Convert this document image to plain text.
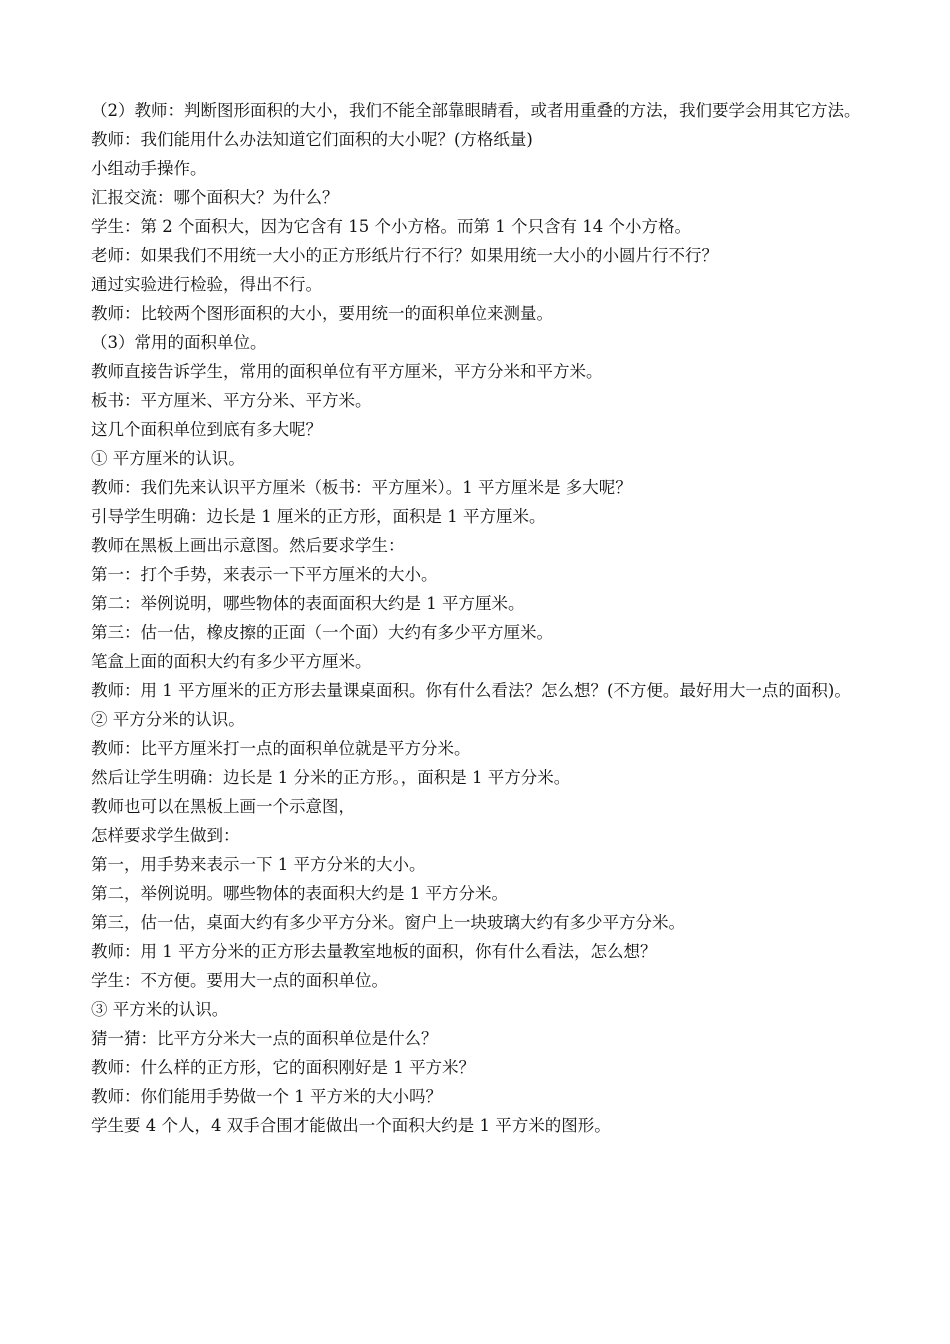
（2）教师：判断图形面积的大小，我们不能全部靠眼睛看，或者用重叠的方法，我们要学会用其它方法。

教师：我们能用什么办法知道它们面积的大小呢？(方格纸量)

小组动手操作。

汇报交流：哪个面积大？为什么？

学生：第 2 个面积大，因为它含有 15 个小方格。而第 1 个只含有 14 个小方格。

老师：如果我们不用统一大小的正方形纸片行不行？如果用统一大小的小圆片行不行？

通过实验进行检验，得出不行。

教师：比较两个图形面积的大小，要用统一的面积单位来测量。

（3）常用的面积单位。

教师直接告诉学生，常用的面积单位有平方厘米，平方分米和平方米。

板书：平方厘米、平方分米、平方米。

这几个面积单位到底有多大呢？

① 平方厘米的认识。

教师：我们先来认识平方厘米（板书：平方厘米）。1 平方厘米是 多大呢？

引导学生明确：边长是 1 厘米的正方形，面积是 1 平方厘米。

教师在黑板上画出示意图。然后要求学生：

第一：打个手势，来表示一下平方厘米的大小。

第二：举例说明，哪些物体的表面面积大约是 1 平方厘米。

第三：估一估，橡皮擦的正面（一个面）大约有多少平方厘米。

笔盒上面的面积大约有多少平方厘米。

教师：用 1 平方厘米的正方形去量课桌面积。你有什么看法？怎么想？(不方便。最好用大一点的面积)。

② 平方分米的认识。

教师：比平方厘米打一点的面积单位就是平方分米。

然后让学生明确：边长是 1 分米的正方形。，面积是 1 平方分米。

教师也可以在黑板上画一个示意图，

怎样要求学生做到：

第一，用手势来表示一下 1 平方分米的大小。

第二，举例说明。哪些物体的表面积大约是 1 平方分米。

第三，估一估，桌面大约有多少平方分米。窗户上一块玻璃大约有多少平方分米。

教师：用 1 平方分米的正方形去量教室地板的面积，你有什么看法，怎么想？

学生：不方便。要用大一点的面积单位。

③ 平方米的认识。

猜一猜：比平方分米大一点的面积单位是什么？

教师：什么样的正方形，它的面积刚好是 1 平方米？

教师：你们能用手势做一个 1 平方米的大小吗？

学生要 4 个人，4 双手合围才能做出一个面积大约是 1 平方米的图形。
